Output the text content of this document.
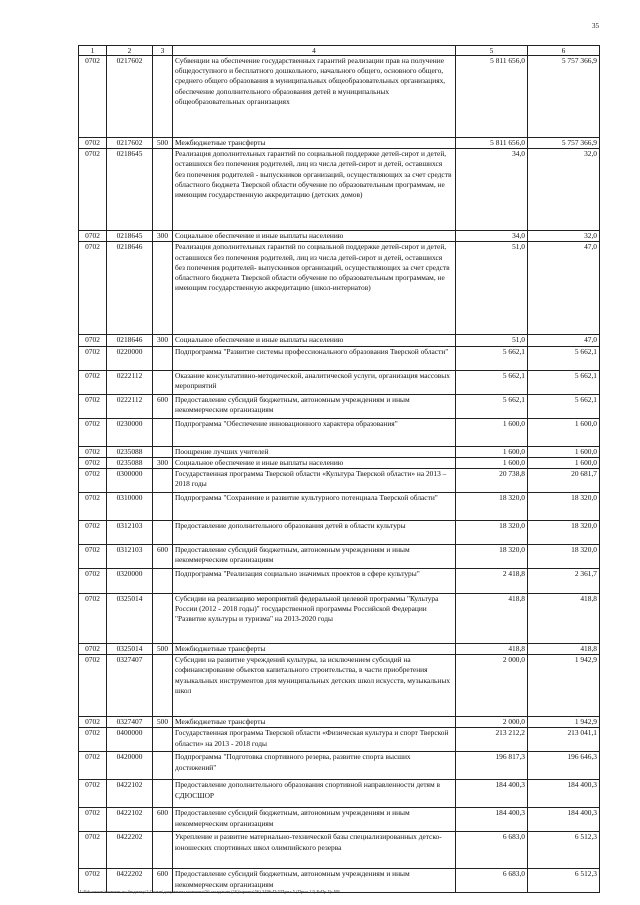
35
1	2	3	4	5	6
0702	0217602		Субвенции на обеспечение государственных гарантий реализации прав на получение общедоступного и бесплатного дошкольного, начального общего, основного общего, среднего общего образования в муниципальных общеобразовательных организациях, обеспечение дополнительного образования детей в муниципальных общеобразовательных организациях	5 811 656,0	5 757 366,9
0702	0217602	500	Межбюджетные трансферты	5 811 656,0	5 757 366,9
0702	0218645		Реализация дополнительных гарантий по социальной поддержке детей-сирот и детей, оставшихся без попечения родителей, лиц из числа детей-сирот и детей, оставшихся без попечения родителей - выпускников организаций, осуществляющих за счет средств областного бюджета Тверской области обучение по образовательным программам, не имеющим государственную аккредитацию (детских домов)	34,0	32,0
0702	0218645	300	Социальное обеспечение и иные выплаты населению	34,0	32,0
0702	0218646		Реализация дополнительных гарантий по социальной поддержке детей-сирот и детей, оставшихся без попечения родителей, лиц из числа детей-сирот и детей, оставшихся без попечения родителей- выпускников организаций, осуществляющих за счет средств областного бюджета Тверской области обучение по образовательным программам, не имеющим государственную аккредитацию (школ-интернатов)	51,0	47,0
0702	0218646	300	Социальное обеспечение и иные выплаты населению	51,0	47,0
0702	0220000		Подпрограмма "Развитие системы профессионального образования Тверской области"	5 662,1	5 662,1
0702	0222112		Оказание консультативно-методической, аналитической услуги, организация массовых мероприятий	5 662,1	5 662,1
0702	0222112	600	Предоставление субсидий бюджетным, автономным учреждениям и иным некоммерческим организациям	5 662,1	5 662,1
0702	0230000		Подпрограмма "Обеспечение инновационного характера образования"	1 600,0	1 600,0
0702	0235088		Поощрение лучших учителей	1 600,0	1 600,0
0702	0235088	300	Социальное обеспечение и иные выплаты населению	1 600,0	1 600,0
0702	0300000		Государственная программа Тверской области «Культура Тверской области» на 2013 – 2018 годы	20 738,8	20 681,7
0702	0310000		Подпрограмма "Сохранение и развитие культурного потенциала Тверской области"	18 320,0	18 320,0
0702	0312103		Предоставление дополнительного образования детей в области культуры	18 320,0	18 320,0
0702	0312103	600	Предоставление субсидий бюджетным, автономным учреждениям и иным некоммерческим организациям	18 320,0	18 320,0
0702	0320000		Подпрограмма "Реализация социально значимых проектов в сфере культуры"	2 418,8	2 361,7
0702	0325014		Субсидии на реализацию мероприятий федеральной целевой программы "Культура России (2012 - 2018 годы)" государственной программы Российской Федерации "Развитие культуры и туризма" на 2013-2020 годы	418,8	418,8
0702	0325014	500	Межбюджетные трансферты	418,8	418,8
0702	0327407		Субсидии на развитие учреждений культуры, за исключением субсидий на софинансирование объектов капитального строительства, в части приобретения музыкальных инструментов для муниципальных детских школ искусств, музыкальных школ	2 000,0	1 942,9
0702	0327407	500	Межбюджетные трансферты	2 000,0	1 942,9
0702	0400000		Государственная программа Тверской области «Физическая культура и спорт Тверской области» на 2013 - 2018 годы	213 212,2	213 041,1
0702	0420000		Подпрограмма "Подготовка спортивного резерва, развитие спорта высших достижений"	196 817,3	196 646,3
0702	0422102		Предоставление дополнительного образования спортивной направленности детям в СДЮСШОР	184 400,3	184 400,3
0702	0422102	600	Предоставление субсидий бюджетным, автономным учреждениям и иным некоммерческим организациям	184 400,3	184 400,3
0702	0422202		Укрепление и развитие материально-технической базы специализированных детско-юношеских спортивных школ олимпийского резерва	6 683,0	6 512,3
0702	0422202	600	Предоставление субсидий бюджетным, автономным учреждениям и иным некоммерческим организациям	6 683,0	6 512,3
I:\Fdc-server\комитет по бюджету\3 Созыв\документы комитета\56 заседание (16)\проект\56) 3496-П-5\Прил 5 (Прил 12) РзПр Цс ВР
